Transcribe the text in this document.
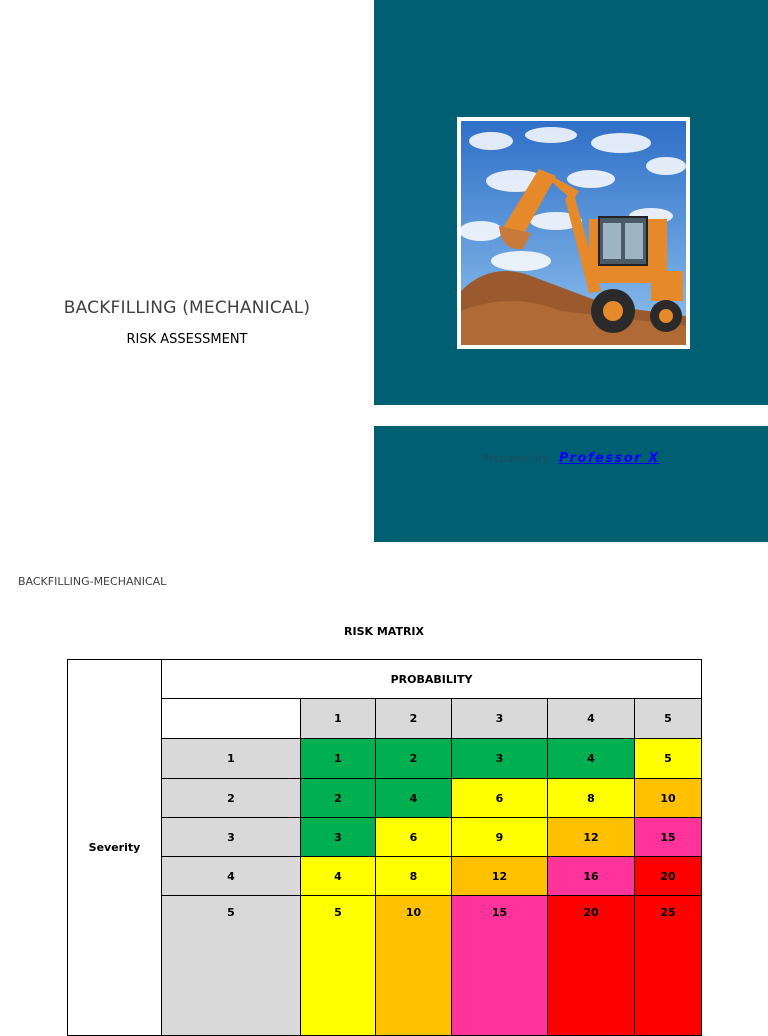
BACKFILLING (MECHANICAL)
RISK ASSESSMENT
Prepared by: Professor X
BACKFILLING-MECHANICAL
RISK MATRIX
Severity	PROBABILITY					
		1	2	3	4	5
	1	1	2	3	4	5
	2	2	4	6	8	10
	3	3	6	9	12	15
	4	4	8	12	16	20
	5	5	10	15	20	25
